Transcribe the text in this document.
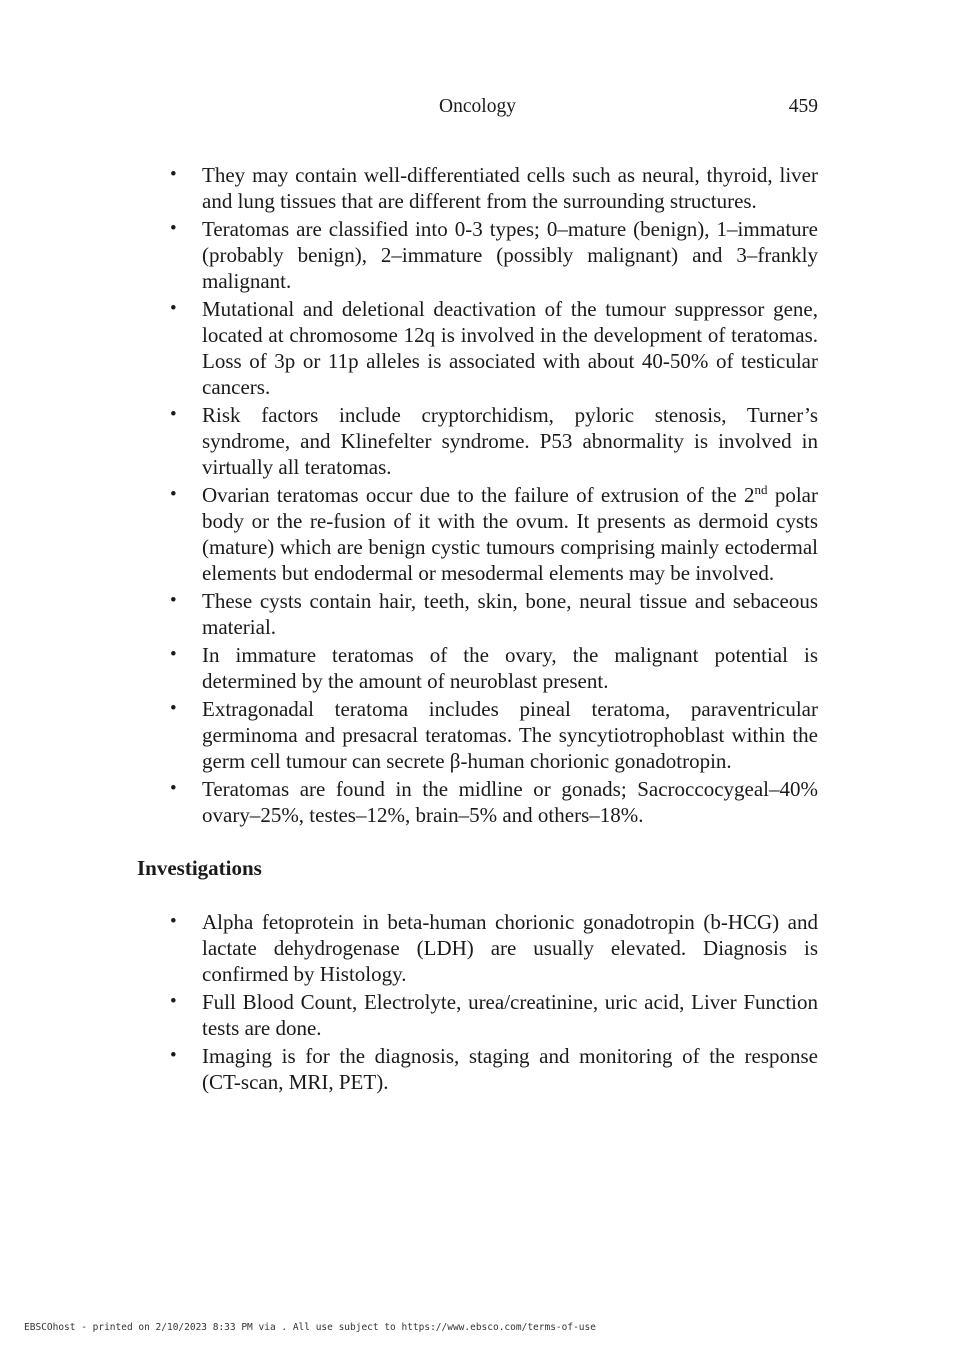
Oncology	459
• They may contain well-differentiated cells such as neural, thyroid, liver and lung tissues that are different from the surrounding structures.
• Teratomas are classified into 0-3 types; 0–mature (benign), 1–immature (probably benign), 2–immature (possibly malignant) and 3–frankly malignant.
• Mutational and deletional deactivation of the tumour suppressor gene, located at chromosome 12q is involved in the development of teratomas. Loss of 3p or 11p alleles is associated with about 40-50% of testicular cancers.
• Risk factors include cryptorchidism, pyloric stenosis, Turner’s syndrome, and Klinefelter syndrome. P53 abnormality is involved in virtually all teratomas.
• Ovarian teratomas occur due to the failure of extrusion of the 2nd polar body or the re-fusion of it with the ovum. It presents as dermoid cysts (mature) which are benign cystic tumours comprising mainly ectodermal elements but endodermal or mesodermal elements may be involved.
• These cysts contain hair, teeth, skin, bone, neural tissue and sebaceous material.
• In immature teratomas of the ovary, the malignant potential is determined by the amount of neuroblast present.
• Extragonadal teratoma includes pineal teratoma, paraventricular germinoma and presacral teratomas. The syncytiotrophoblast within the germ cell tumour can secrete β-human chorionic gonadotropin.
• Teratomas are found in the midline or gonads; Sacroccocygeal–40% ovary–25%, testes–12%, brain–5% and others–18%.
Investigations
• Alpha fetoprotein in beta-human chorionic gonadotropin (b-HCG) and lactate dehydrogenase (LDH) are usually elevated. Diagnosis is confirmed by Histology.
• Full Blood Count, Electrolyte, urea/creatinine, uric acid, Liver Function tests are done.
• Imaging is for the diagnosis, staging and monitoring of the response (CT-scan, MRI, PET).
EBSCOhost - printed on 2/10/2023 8:33 PM via . All use subject to https://www.ebsco.com/terms-of-use
